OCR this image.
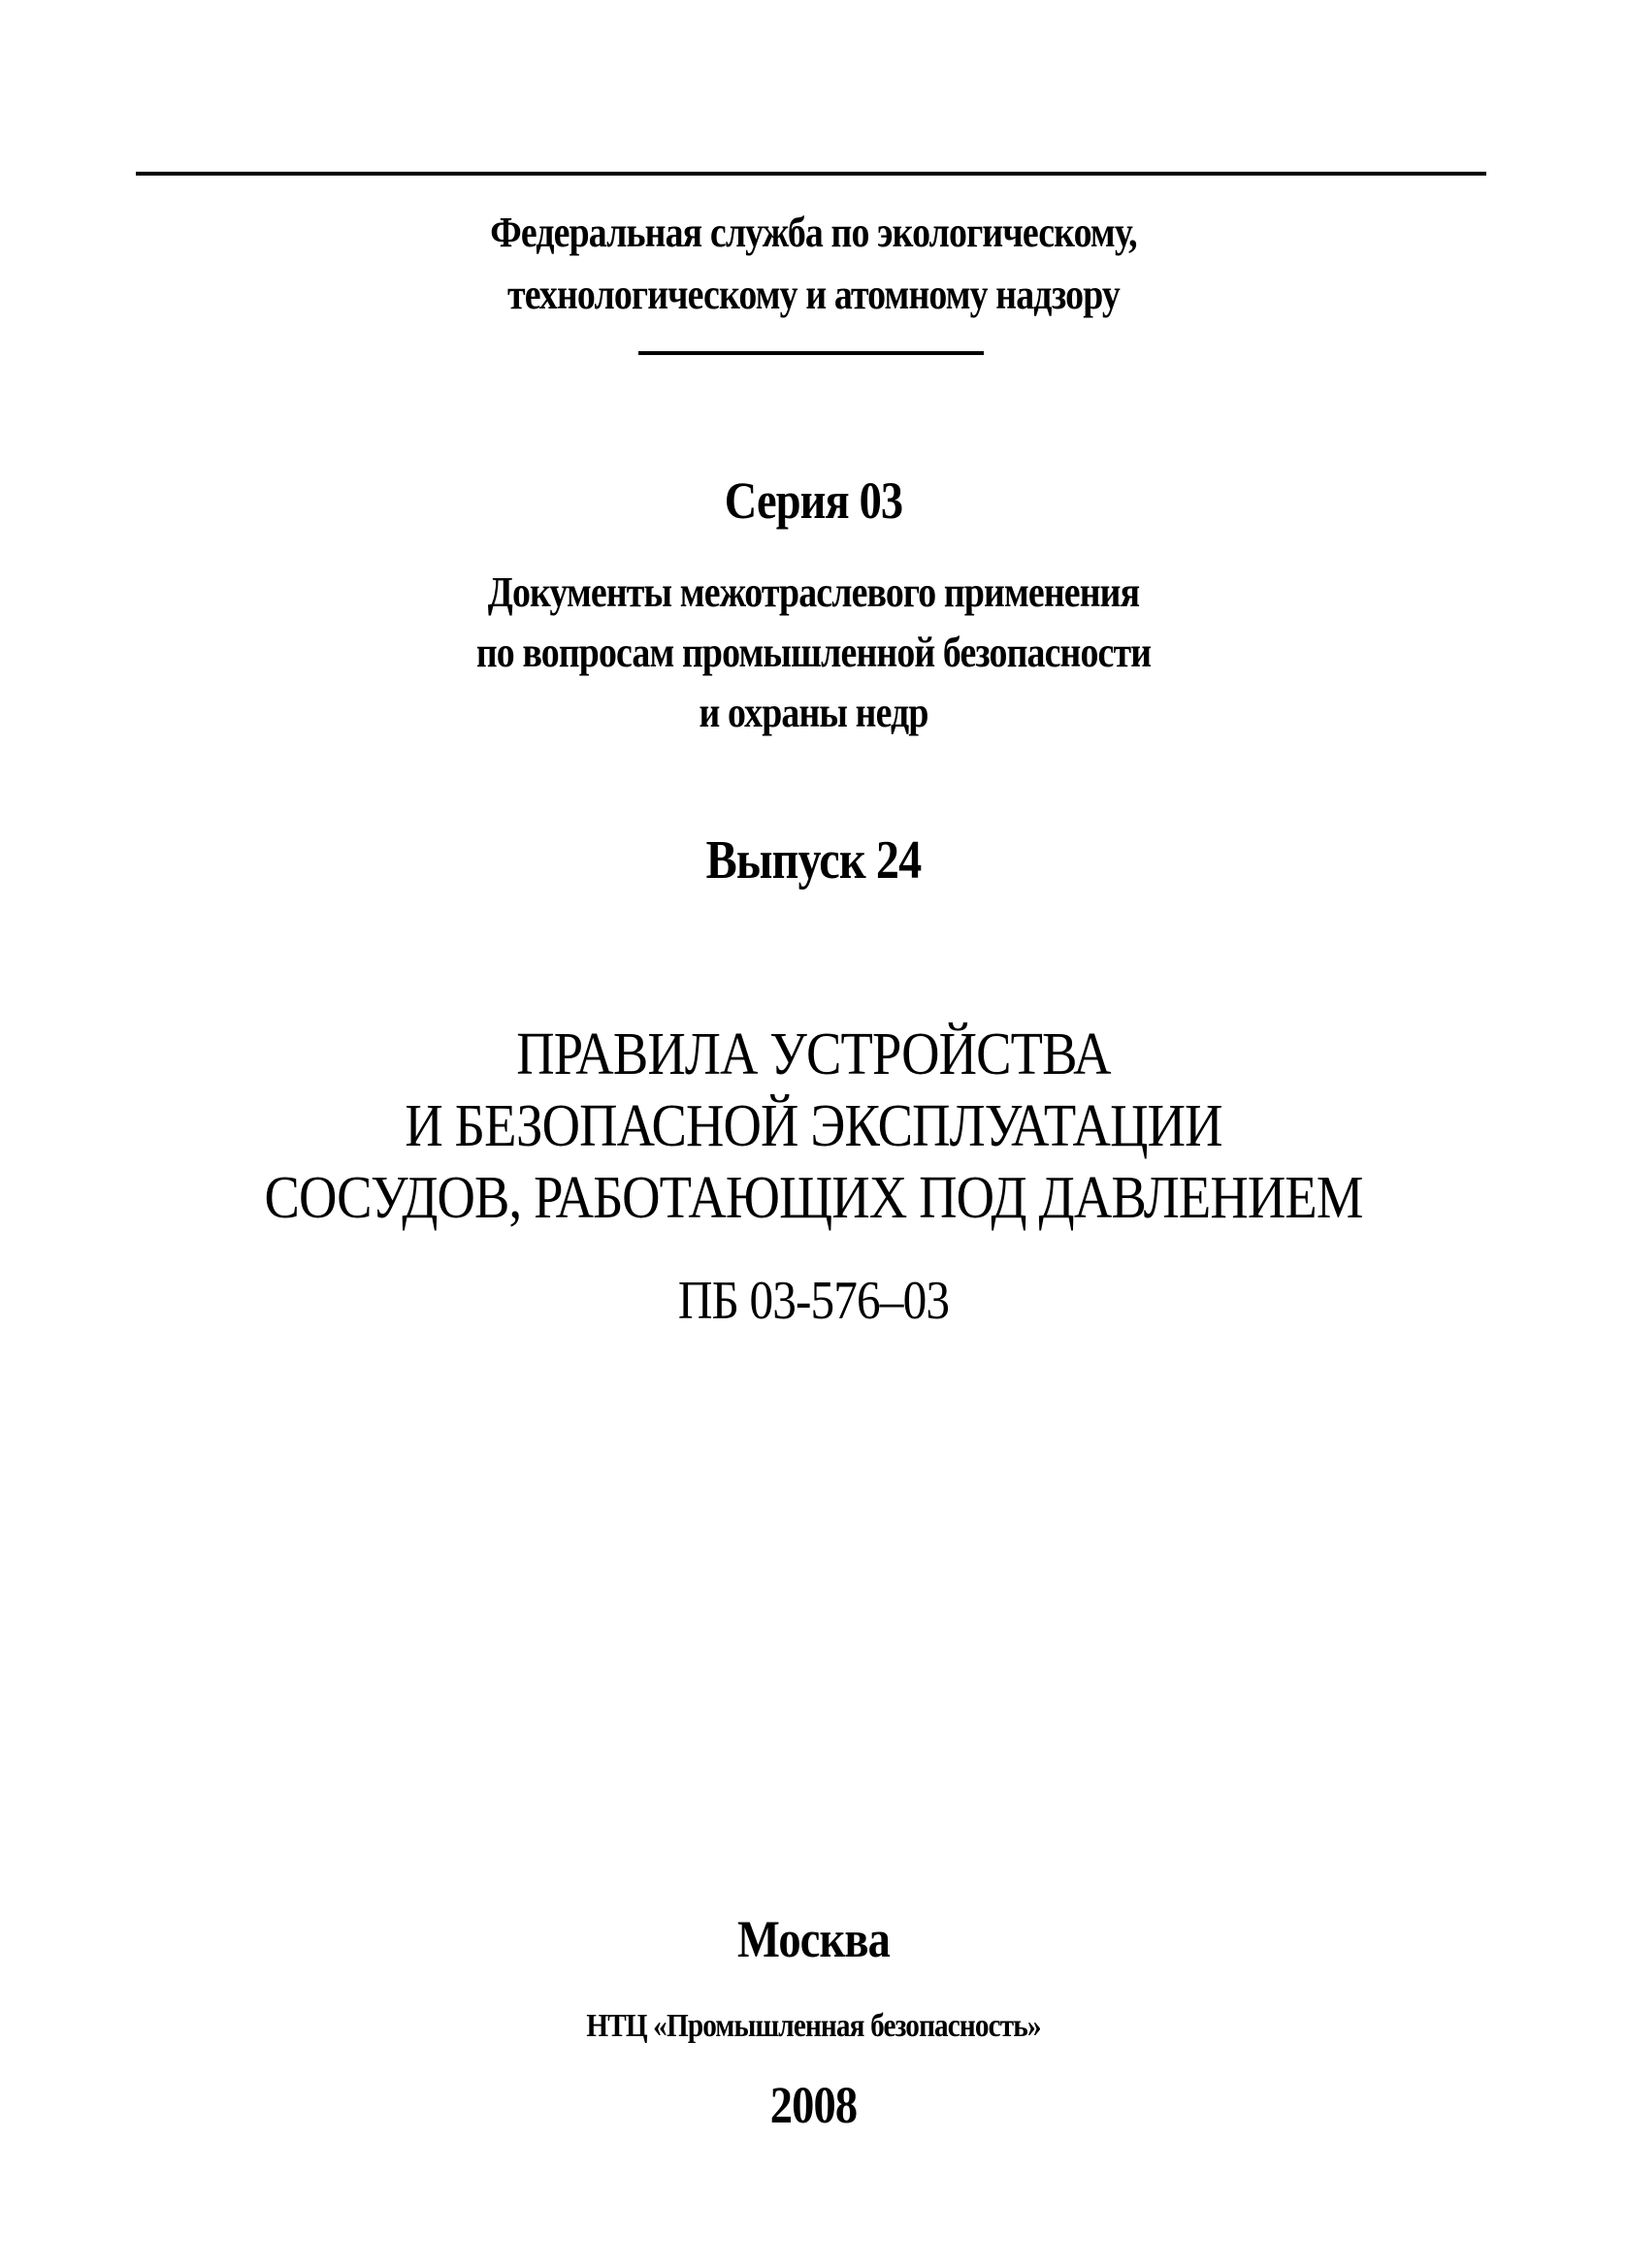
Федеральная служба по экологическому,
технологическому и атомному надзору
Серия 03
Документы межотраслевого применения
по вопросам промышленной безопасности
и охраны недр
Выпуск 24
ПРАВИЛА УСТРОЙСТВА
И БЕЗОПАСНОЙ ЭКСПЛУАТАЦИИ
СОСУДОВ, РАБОТАЮЩИХ ПОД ДАВЛЕНИЕМ
ПБ 03-576–03
Москва
НТЦ «Промышленная безопасность»
2008
